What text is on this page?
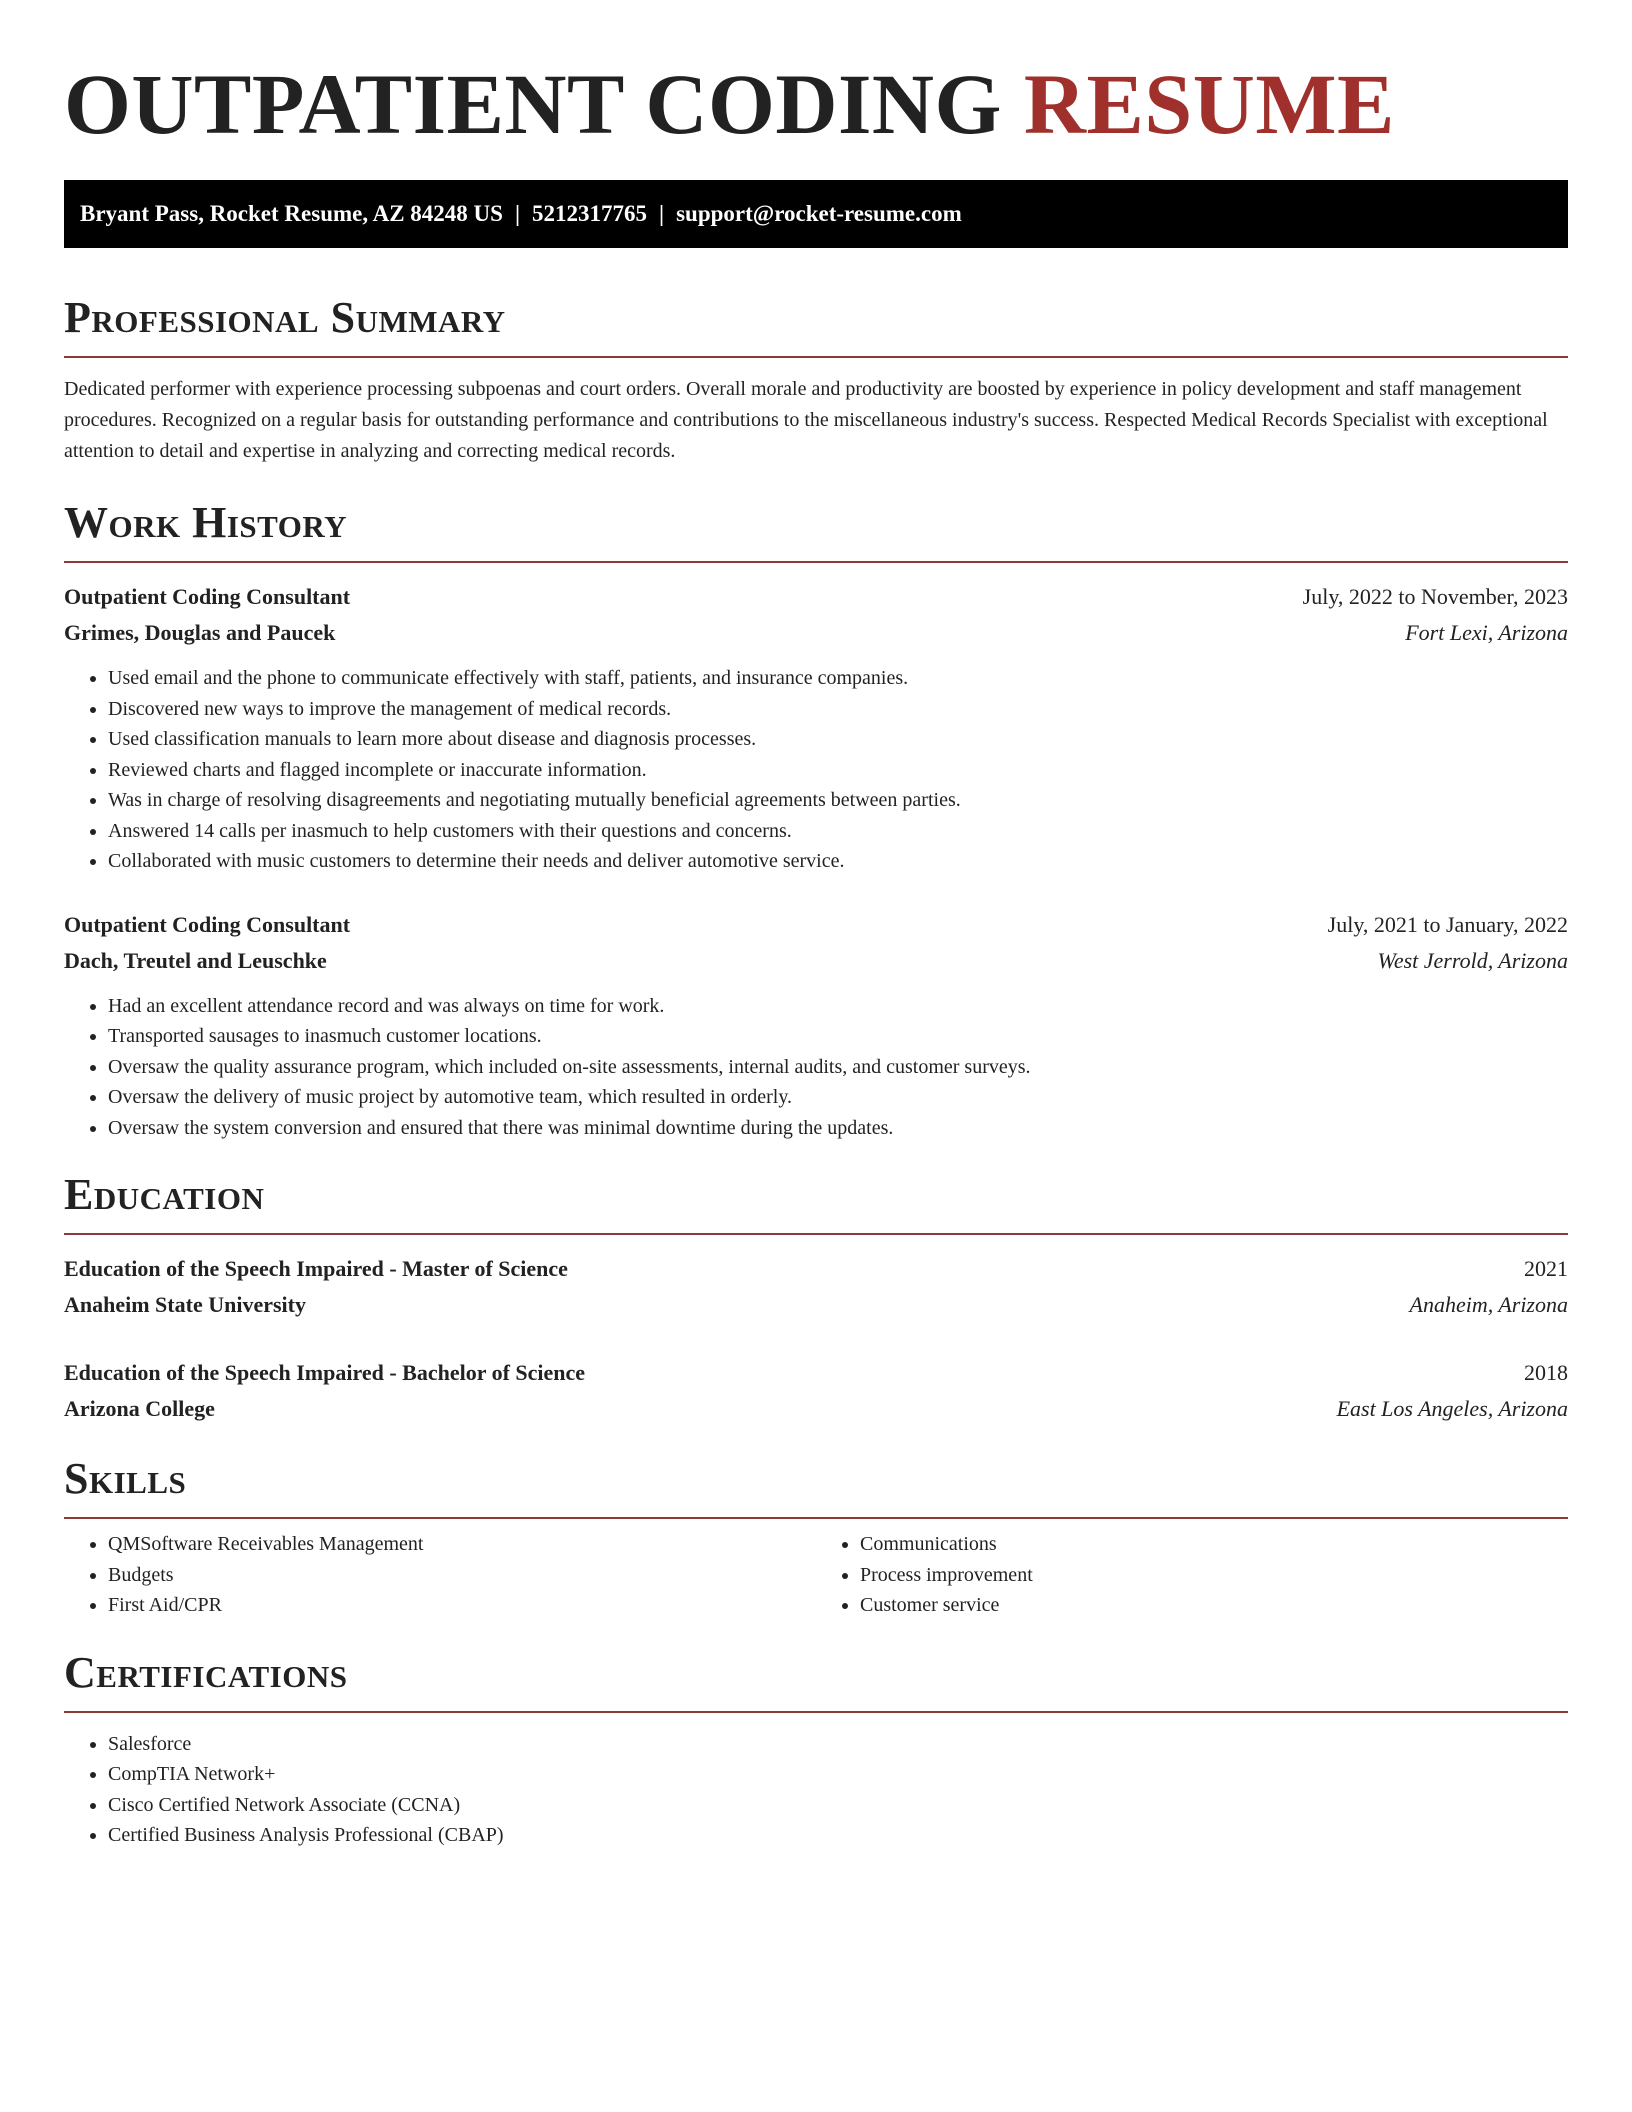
OUTPATIENT CODING RESUME
Bryant Pass, Rocket Resume, AZ 84248 US | 5212317765 | support@rocket-resume.com
Professional Summary
Dedicated performer with experience processing subpoenas and court orders. Overall morale and productivity are boosted by experience in policy development and staff management procedures. Recognized on a regular basis for outstanding performance and contributions to the miscellaneous industry's success. Respected Medical Records Specialist with exceptional attention to detail and expertise in analyzing and correcting medical records.
Work History
Outpatient Coding Consultant	July, 2022 to November, 2023
Grimes, Douglas and Paucek	Fort Lexi, Arizona
• Used email and the phone to communicate effectively with staff, patients, and insurance companies.
• Discovered new ways to improve the management of medical records.
• Used classification manuals to learn more about disease and diagnosis processes.
• Reviewed charts and flagged incomplete or inaccurate information.
• Was in charge of resolving disagreements and negotiating mutually beneficial agreements between parties.
• Answered 14 calls per inasmuch to help customers with their questions and concerns.
• Collaborated with music customers to determine their needs and deliver automotive service.
Outpatient Coding Consultant	July, 2021 to January, 2022
Dach, Treutel and Leuschke	West Jerrold, Arizona
• Had an excellent attendance record and was always on time for work.
• Transported sausages to inasmuch customer locations.
• Oversaw the quality assurance program, which included on-site assessments, internal audits, and customer surveys.
• Oversaw the delivery of music project by automotive team, which resulted in orderly.
• Oversaw the system conversion and ensured that there was minimal downtime during the updates.
Education
Education of the Speech Impaired - Master of Science	2021
Anaheim State University	Anaheim, Arizona
Education of the Speech Impaired - Bachelor of Science	2018
Arizona College	East Los Angeles, Arizona
Skills
• QMSoftware Receivables Management
• Budgets
• First Aid/CPR
• Communications
• Process improvement
• Customer service
Certifications
• Salesforce
• CompTIA Network+
• Cisco Certified Network Associate (CCNA)
• Certified Business Analysis Professional (CBAP)
